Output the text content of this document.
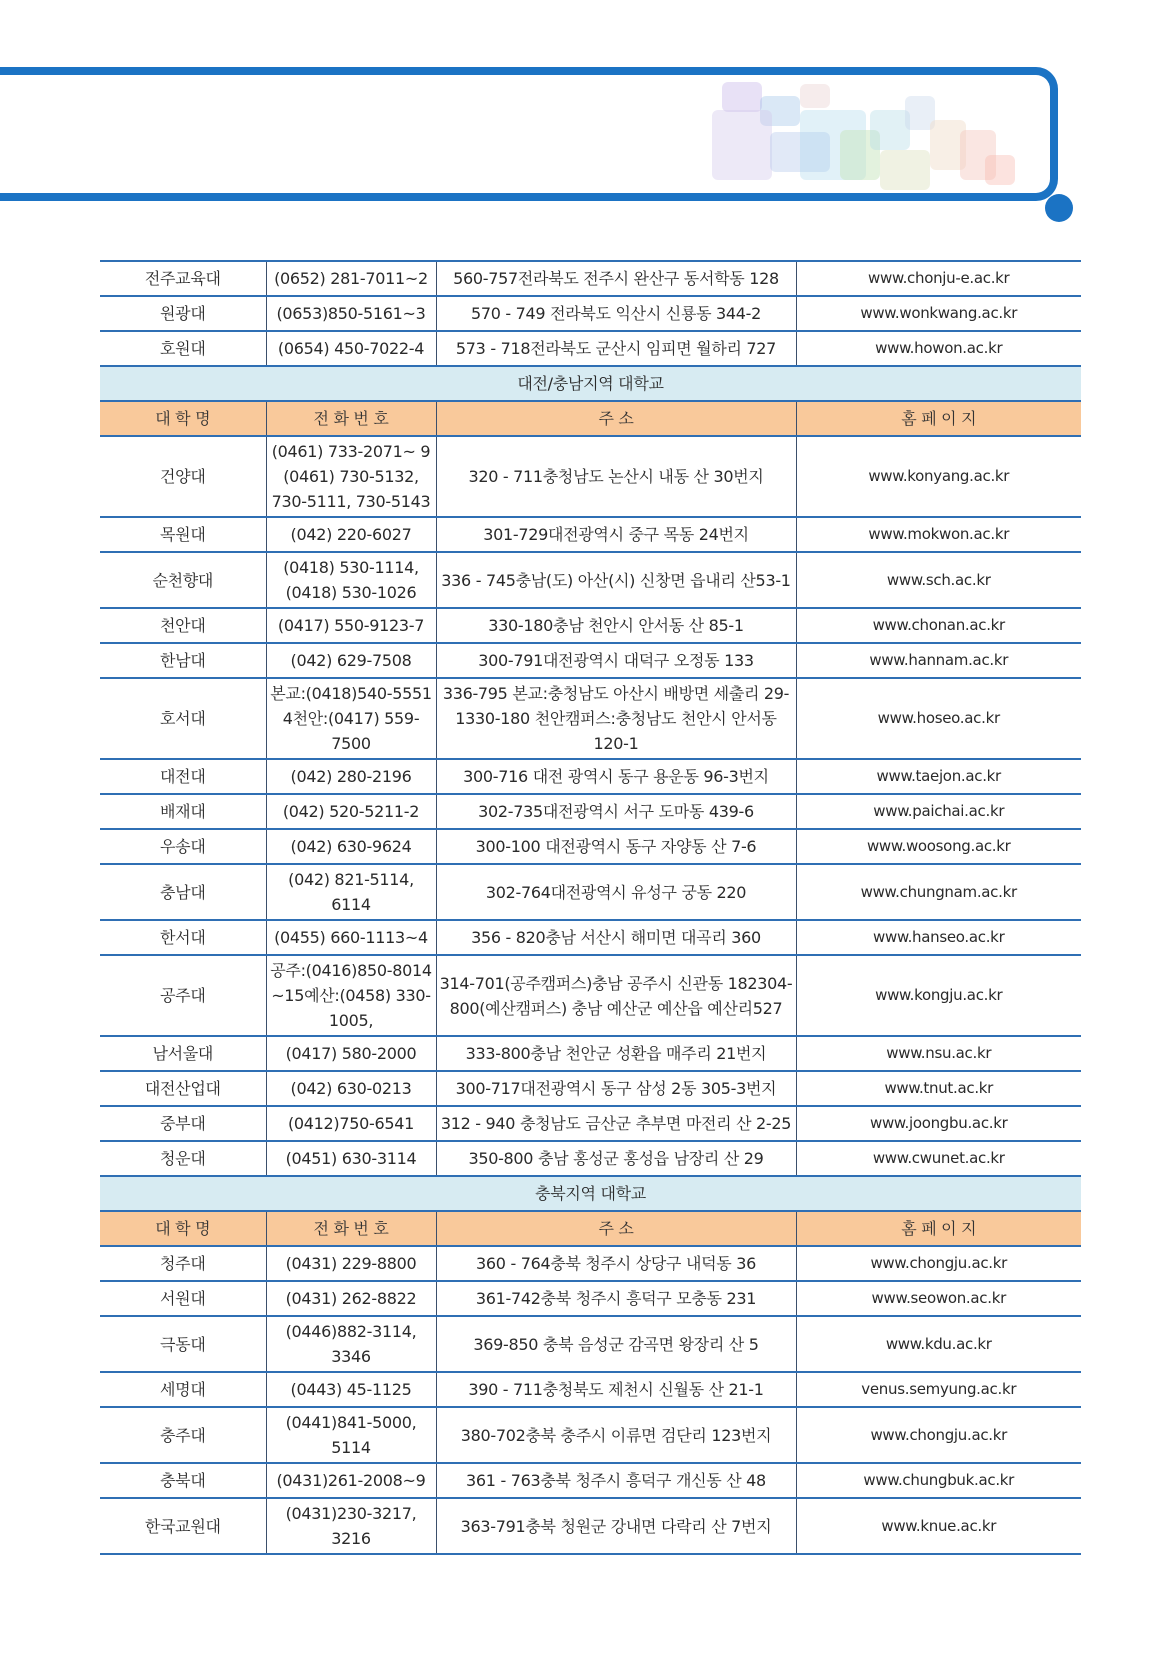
전주교육대	(0652) 281-7011~2	560-757전라북도 전주시 완산구 동서학동 128	www.chonju-e.ac.kr
원광대	(0653)850-5161~3	570 - 749 전라북도 익산시 신룡동 344-2	www.wonkwang.ac.kr
호원대	(0654) 450-7022-4	573 - 718전라북도 군산시 임피면 월하리 727	www.howon.ac.kr
대전/충남지역 대학교			
대 학 명	전 화 번 호	주 소	홈 페 이 지
건양대	(0461) 733-2071~ 9 (0461) 730-5132, 730-5111, 730-5143	320 - 711충청남도 논산시 내동 산 30번지	www.konyang.ac.kr
목원대	(042) 220-6027	301-729대전광역시 중구 목동 24번지	www.mokwon.ac.kr
순천향대	(0418) 530-1114, (0418) 530-1026	336 - 745충남(도) 아산(시) 신창면 읍내리 산53-1	www.sch.ac.kr
천안대	(0417) 550-9123-7	330-180충남 천안시 안서동 산 85-1	www.chonan.ac.kr
한남대	(042) 629-7508	300-791대전광역시 대덕구 오정동 133	www.hannam.ac.kr
호서대	본교:(0418)540-5551 4천안:(0417) 559-7500	336-795 본교:충청남도 아산시 배방면 세출리 29-1330-180 천안캠퍼스:충청남도 천안시 안서동 120-1	www.hoseo.ac.kr
대전대	(042) 280-2196	300-716 대전 광역시 동구 용운동 96-3번지	www.taejon.ac.kr
배재대	(042) 520-5211-2	302-735대전광역시 서구 도마동 439-6	www.paichai.ac.kr
우송대	(042) 630-9624	300-100 대전광역시 동구 자양동 산 7-6	www.woosong.ac.kr
충남대	(042) 821-5114, 6114	302-764대전광역시 유성구 궁동 220	www.chungnam.ac.kr
한서대	(0455) 660-1113~4	356 - 820충남 서산시 해미면 대곡리 360	www.hanseo.ac.kr
공주대	공주:(0416)850-8014 ~15예산:(0458) 330-1005,	314-701(공주캠퍼스)충남 공주시 신관동 182304-800(예산캠퍼스) 충남 예산군 예산읍 예산리527	www.kongju.ac.kr
남서울대	(0417) 580-2000	333-800충남 천안군 성환읍 매주리 21번지	www.nsu.ac.kr
대전산업대	(042) 630-0213	300-717대전광역시 동구 삼성 2동 305-3번지	www.tnut.ac.kr
중부대	(0412)750-6541	312 - 940 충청남도 금산군 추부면 마전리 산 2-25	www.joongbu.ac.kr
청운대	(0451) 630-3114	350-800 충남 홍성군 홍성읍 남장리 산 29	www.cwunet.ac.kr
충북지역 대학교			
대 학 명	전 화 번 호	주 소	홈 페 이 지
청주대	(0431) 229-8800	360 - 764충북 청주시 상당구 내덕동 36	www.chongju.ac.kr
서원대	(0431) 262-8822	361-742충북 청주시 흥덕구 모충동 231	www.seowon.ac.kr
극동대	(0446)882-3114, 3346	369-850 충북 음성군 감곡면 왕장리 산 5	www.kdu.ac.kr
세명대	(0443) 45-1125	390 - 711충청북도 제천시 신월동 산 21-1	venus.semyung.ac.kr
충주대	(0441)841-5000, 5114	380-702충북 충주시 이류면 검단리 123번지	www.chongju.ac.kr
충북대	(0431)261-2008~9	361 - 763충북 청주시 흥덕구 개신동 산 48	www.chungbuk.ac.kr
한국교원대	(0431)230-3217, 3216	363-791충북 청원군 강내면 다락리 산 7번지	www.knue.ac.kr
